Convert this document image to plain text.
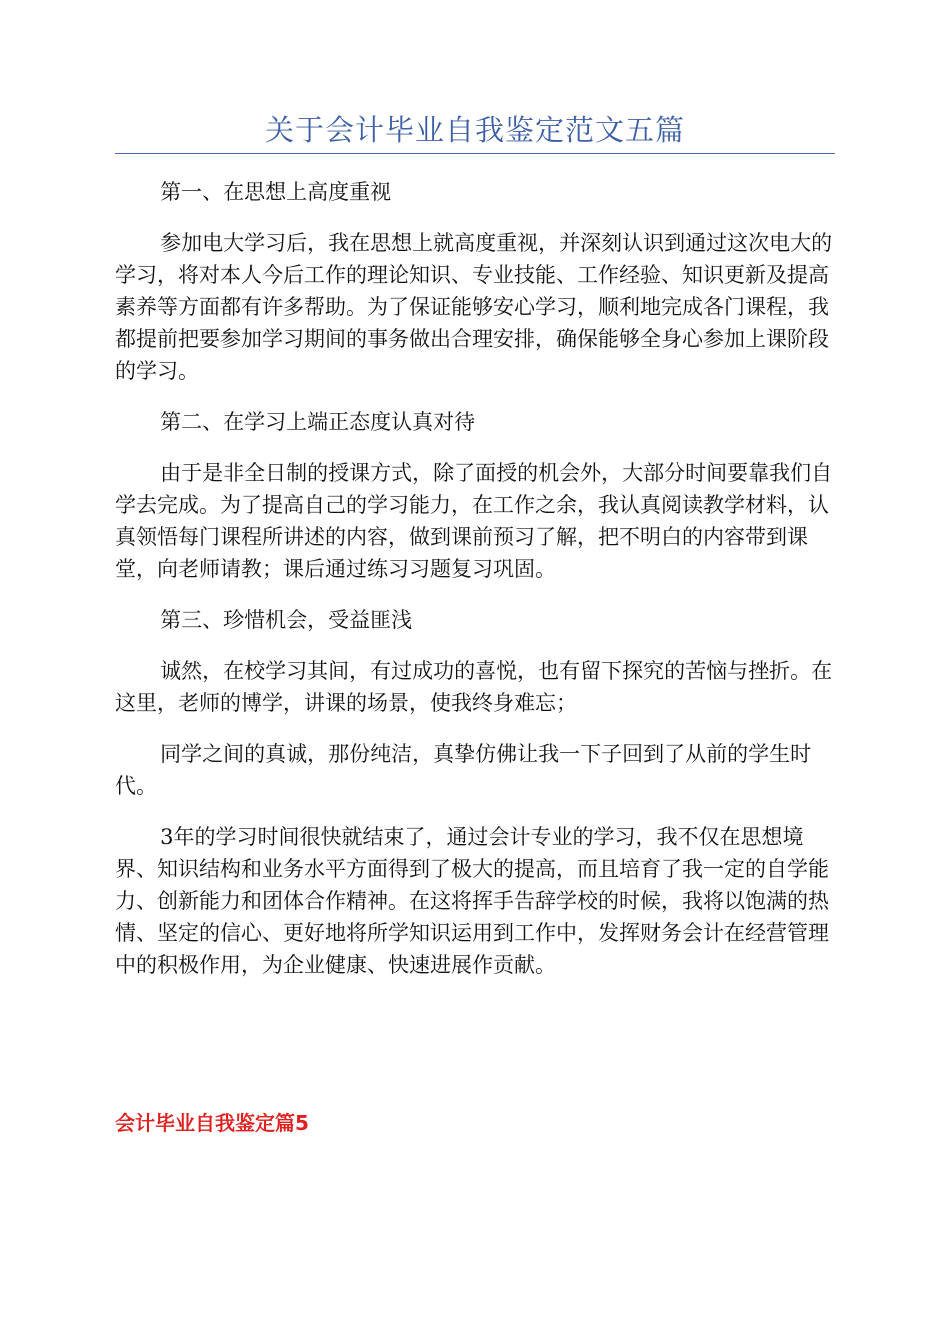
关于会计毕业自我鉴定范文五篇

第一、在思想上高度重视

参加电大学习后，我在思想上就高度重视，并深刻认识到通过这次电大的学习，将对本人今后工作的理论知识、专业技能、工作经验、知识更新及提高素养等方面都有许多帮助。为了保证能够安心学习，顺利地完成各门课程，我都提前把要参加学习期间的事务做出合理安排，确保能够全身心参加上课阶段的学习。

第二、在学习上端正态度认真对待

由于是非全日制的授课方式，除了面授的机会外，大部分时间要靠我们自学去完成。为了提高自己的学习能力，在工作之余，我认真阅读教学材料，认真领悟每门课程所讲述的内容，做到课前预习了解，把不明白的内容带到课堂，向老师请教；课后通过练习习题复习巩固。

第三、珍惜机会，受益匪浅

诚然，在校学习其间，有过成功的喜悦，也有留下探究的苦恼与挫折。在这里，老师的博学，讲课的场景，使我终身难忘；

同学之间的真诚，那份纯洁，真挚仿佛让我一下子回到了从前的学生时代。

3年的学习时间很快就结束了，通过会计专业的学习，我不仅在思想境界、知识结构和业务水平方面得到了极大的提高，而且培育了我一定的自学能力、创新能力和团体合作精神。在这将挥手告辞学校的时候，我将以饱满的热情、坚定的信心、更好地将所学知识运用到工作中，发挥财务会计在经营管理中的积极作用，为企业健康、快速进展作贡献。

会计毕业自我鉴定篇5
